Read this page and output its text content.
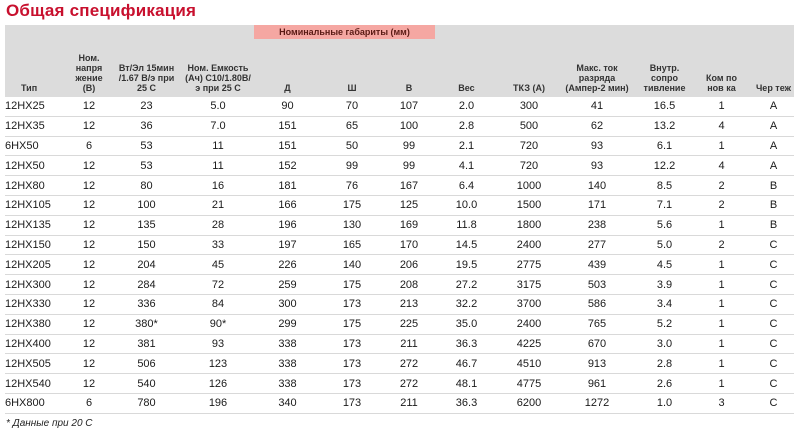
Общая спецификация
				Номинальные габариты (мм)								
Тип	Ном. напря жение (В)	Вт/Эл 15мин /1.67 В/э при 25 С	Ном. Емкость (Ач) С10/1.80В/э при 25 С	Д	Ш	В	Вес	ТКЗ (А)	Макс. ток разряда (Ампер-2 мин)	Внутр. сопро тивление	Ком по нов ка	Чер теж
12HX25	12	23	5.0	90	70	107	2.0	300	41	16.5	1	A
12HX35	12	36	7.0	151	65	100	2.8	500	62	13.2	4	A
6HX50	6	53	11	151	50	99	2.1	720	93	6.1	1	A
12HX50	12	53	11	152	99	99	4.1	720	93	12.2	4	A
12HX80	12	80	16	181	76	167	6.4	1000	140	8.5	2	B
12HX105	12	100	21	166	175	125	10.0	1500	171	7.1	2	B
12HX135	12	135	28	196	130	169	11.8	1800	238	5.6	1	B
12HX150	12	150	33	197	165	170	14.5	2400	277	5.0	2	C
12HX205	12	204	45	226	140	206	19.5	2775	439	4.5	1	C
12HX300	12	284	72	259	175	208	27.2	3175	503	3.9	1	C
12HX330	12	336	84	300	173	213	32.2	3700	586	3.4	1	C
12HX380	12	380*	90*	299	175	225	35.0	2400	765	5.2	1	C
12HX400	12	381	93	338	173	211	36.3	4225	670	3.0	1	C
12HX505	12	506	123	338	173	272	46.7	4510	913	2.8	1	C
12HX540	12	540	126	338	173	272	48.1	4775	961	2.6	1	C
6HX800	6	780	196	340	173	211	36.3	6200	1272	1.0	3	C
* Данные при 20 С
